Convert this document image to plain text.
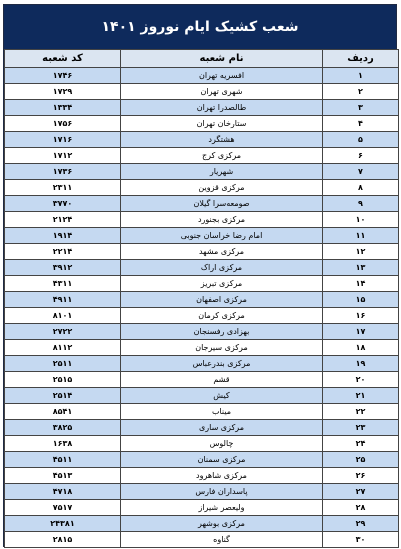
شعب کشیک ایام نوروز ۱۴۰۱
ردیف	نام شعبه	کد شعبه
۱	افسریه تهران	۱۷۴۶
۲	شهری تهران	۱۷۲۹
۳	طالصدرا تهران	۱۳۳۴
۴	ستارخان تهران	۱۷۵۶
۵	هشتگرد	۱۷۱۶
۶	مرکزی کرج	۱۷۱۲
۷	شهریار	۱۷۳۶
۸	مرکزی قزوین	۲۳۱۱
۹	صومعه‌سرا گیلان	۳۷۷۰
۱۰	مرکزی بجنورد	۲۱۲۴
۱۱	امام رضا خراسان جنوبی	۱۹۱۴
۱۲	مرکزی مشهد	۲۲۱۴
۱۳	مرکزی اراک	۳۹۱۲
۱۴	مرکزی تبریز	۴۳۱۱
۱۵	مرکزی اصفهان	۴۹۱۱
۱۶	مرکزی کرمان	۸۱۰۱
۱۷	بهزادی رفسنجان	۲۷۲۲
۱۸	مرکزی سیرجان	۸۱۱۲
۱۹	مرکزی بندرعباس	۲۵۱۱
۲۰	قشم	۲۵۱۵
۲۱	کیش	۲۵۱۴
۲۲	میناب	۸۵۴۱
۲۳	مرکزی ساری	۳۸۲۵
۲۴	چالوس	۱۶۳۸
۲۵	مرکزی سمنان	۴۵۱۱
۲۶	مرکزی شاهرود	۴۵۱۳
۲۷	پاسداران فارس	۴۷۱۸
۲۸	ولیعصر شیراز	۷۵۱۷
۲۹	مرکزی بوشهر	۲۴۳۸۱
۳۰	گناوه	۲۸۱۵
